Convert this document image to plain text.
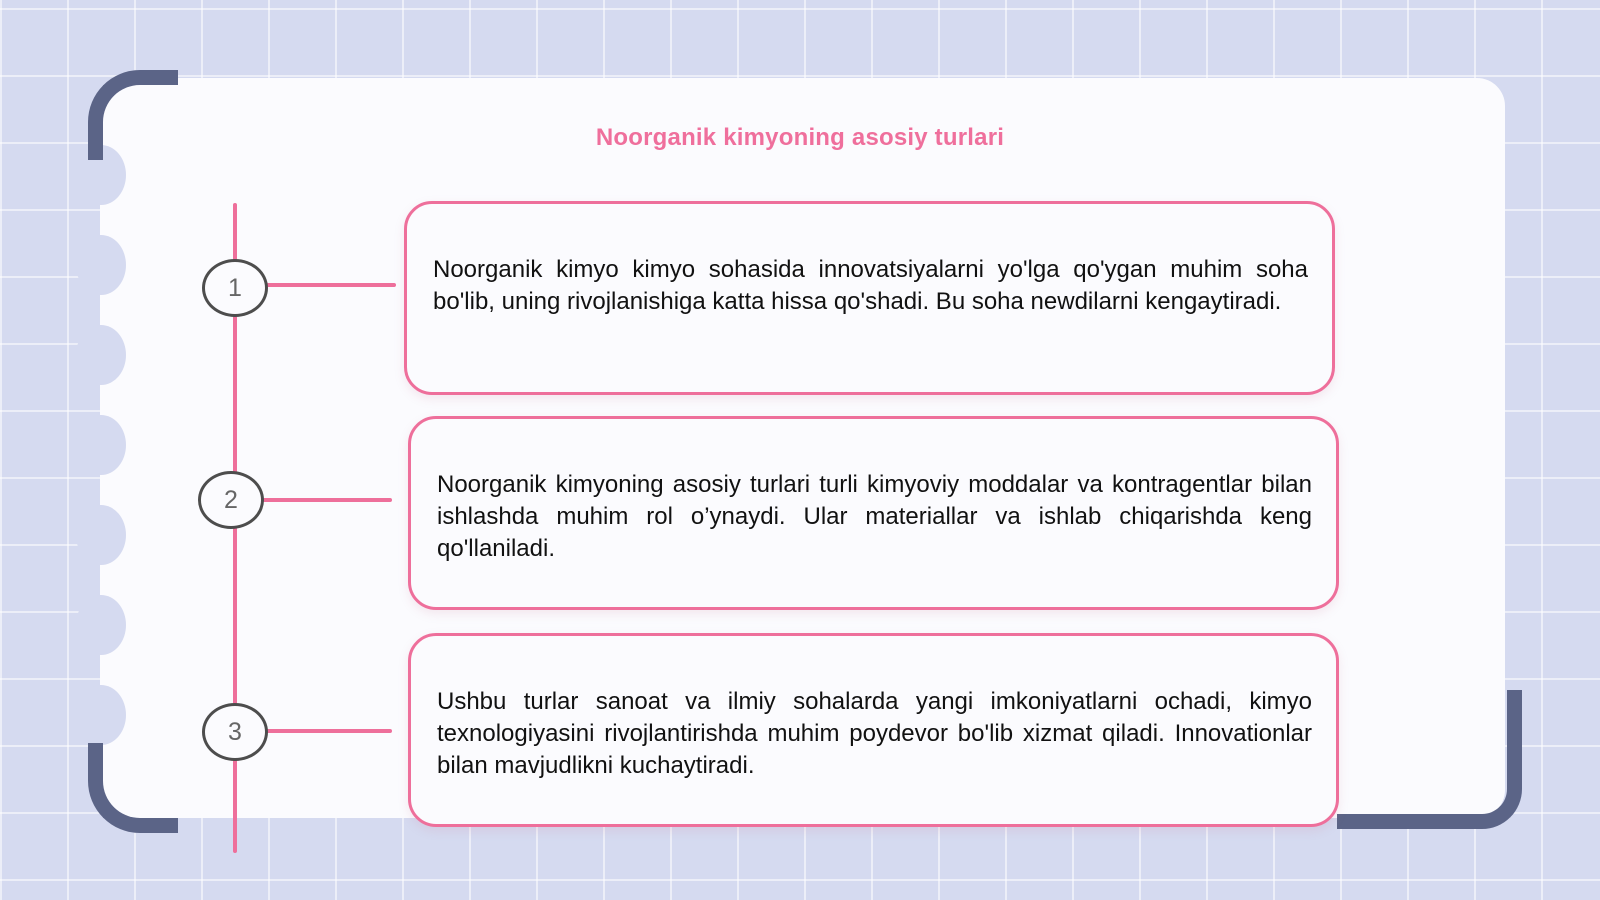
Noorganik kimyoning asosiy turlari
1
2
3

Noorganik kimyo kimyo sohasida innovatsiyalarni yo'lga qo'ygan muhim soha bo'lib, uning rivojlanishiga katta hissa qo'shadi. Bu soha newdilarni kengaytiradi.

Noorganik kimyoning asosiy turlari turli kimyoviy moddalar va kontragentlar bilan ishlashda muhim rol o’ynaydi. Ular materiallar va ishlab chiqarishda keng qo'llaniladi.

Ushbu turlar sanoat va ilmiy sohalarda yangi imkoniyatlarni ochadi, kimyo texnologiyasini rivojlantirishda muhim poydevor bo'lib xizmat qiladi. Innovationlar bilan mavjudlikni kuchaytiradi.
